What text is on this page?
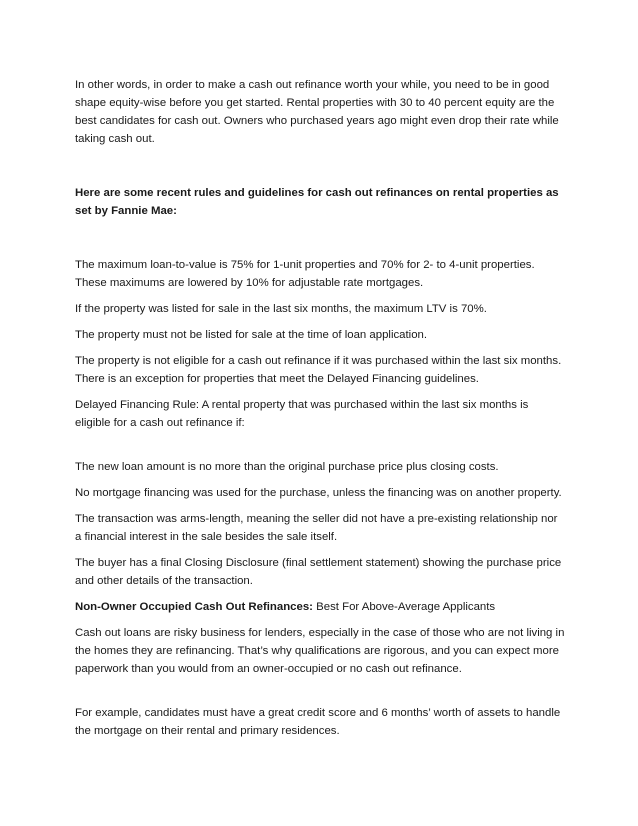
In other words, in order to make a cash out refinance worth your while, you need to be in good shape equity-wise before you get started. Rental properties with 30 to 40 percent equity are the best candidates for cash out. Owners who purchased years ago might even drop their rate while taking cash out.

Here are some recent rules and guidelines for cash out refinances on rental properties as set by Fannie Mae:

The maximum loan-to-value is 75% for 1-unit properties and 70% for 2- to 4-unit properties. These maximums are lowered by 10% for adjustable rate mortgages.

If the property was listed for sale in the last six months, the maximum LTV is 70%.

The property must not be listed for sale at the time of loan application.

The property is not eligible for a cash out refinance if it was purchased within the last six months. There is an exception for properties that meet the Delayed Financing guidelines.

Delayed Financing Rule: A rental property that was purchased within the last six months is eligible for a cash out refinance if:

The new loan amount is no more than the original purchase price plus closing costs.

No mortgage financing was used for the purchase, unless the financing was on another property.

The transaction was arms-length, meaning the seller did not have a pre-existing relationship nor a financial interest in the sale besides the sale itself.

The buyer has a final Closing Disclosure (final settlement statement) showing the purchase price and other details of the transaction.

Non-Owner Occupied Cash Out Refinances: Best For Above-Average Applicants

Cash out loans are risky business for lenders, especially in the case of those who are not living in the homes they are refinancing. That’s why qualifications are rigorous, and you can expect more paperwork than you would from an owner-occupied or no cash out refinance.

For example, candidates must have a great credit score and 6 months’ worth of assets to handle the mortgage on their rental and primary residences.
